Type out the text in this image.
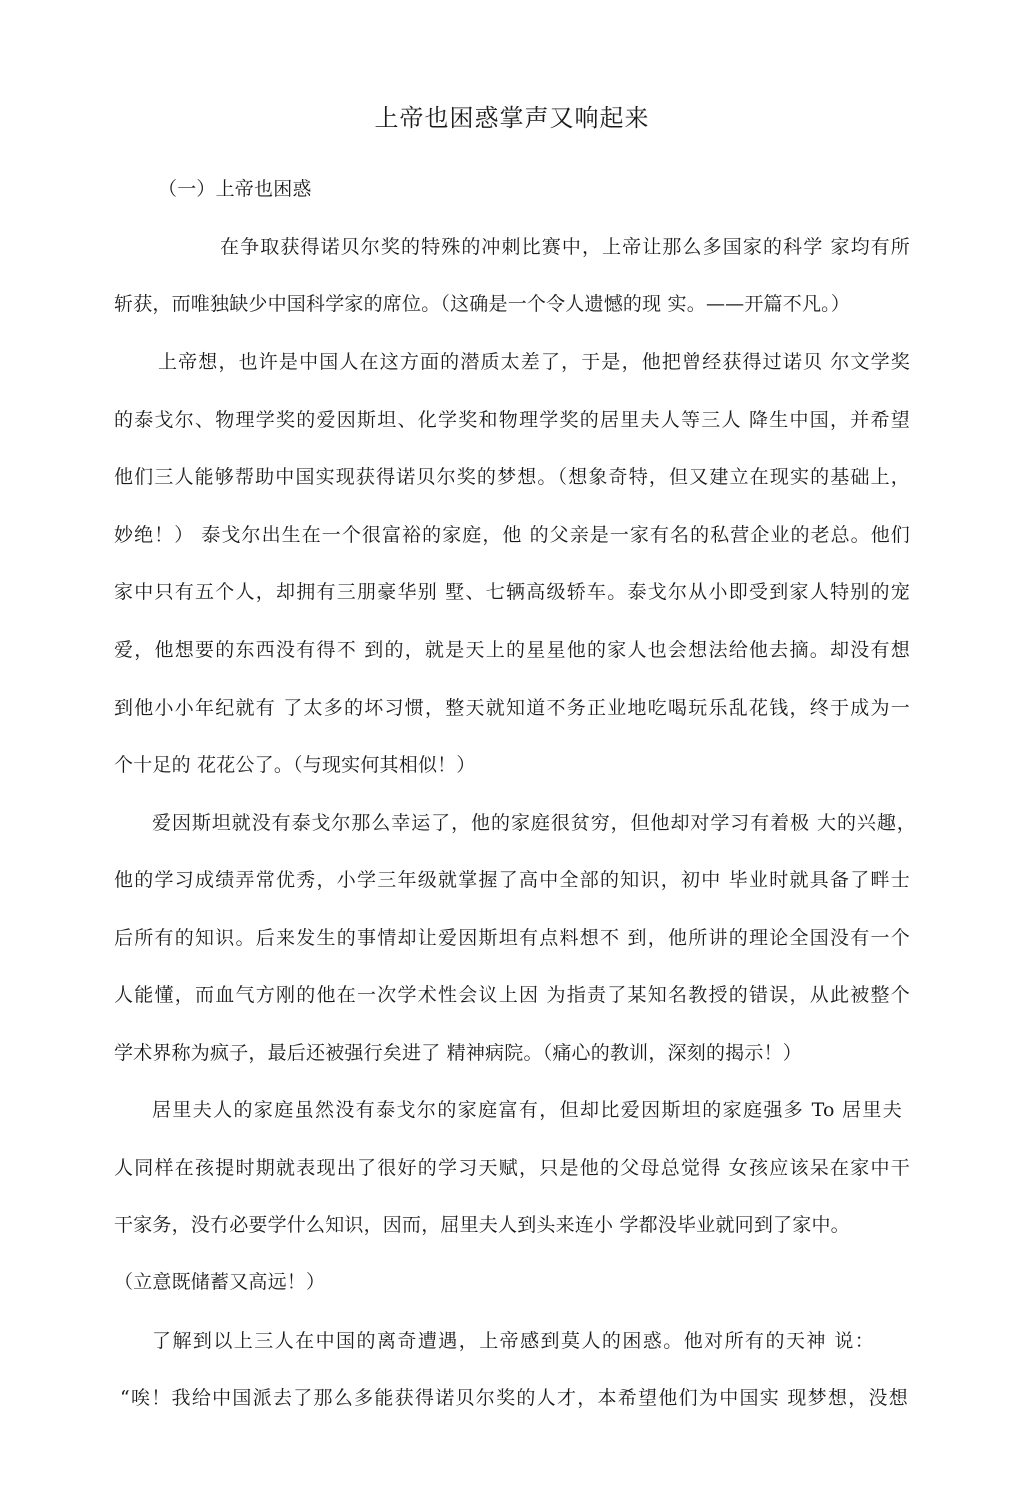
上帝也困惑掌声又响起来
（一）上帝也困惑
在争取获得诺贝尔奖的特殊的冲刺比赛中，上帝让那么多国家的科学 家均有所
斩获，而唯独缺少中国科学家的席位。（这确是一个令人遗憾的现 实。——开篇不凡。）
上帝想，也许是中国人在这方面的潜质太差了，于是，他把曾经获得过诺贝 尔文学奖
的泰戈尔、物理学奖的爱因斯坦、化学奖和物理学奖的居里夫人等三人 降生中国，并希望
他们三人能够帮助中国实现获得诺贝尔奖的梦想。（想象奇特，但又建立在现实的基础上，
妙绝！） 泰戈尔出生在一个很富裕的家庭，他 的父亲是一家有名的私营企业的老总。他们
家中只有五个人，却拥有三朋豪华别 墅、七辆高级轿车。泰戈尔从小即受到家人特别的宠
爱，他想要的东西没有得不 到的，就是天上的星星他的家人也会想法给他去摘。却没有想
到他小小年纪就有 了太多的坏习惯，整天就知道不务正业地吃喝玩乐乱花钱，终于成为一
个十足的 花花公了。（与现实何其相似！）
爱因斯坦就没有泰戈尔那么幸运了，他的家庭很贫穷，但他却对学习有着极 大的兴趣，
他的学习成绩弄常优秀，小学三年级就掌握了高中全部的知识，初中 毕业时就具备了畔士
后所有的知识。后来发生的事情却让爱因斯坦有点料想不 到，他所讲的理论全国没有一个
人能懂，而血气方刚的他在一次学术性会议上因 为指责了某知名教授的错误，从此被整个
学术界称为疯子，最后还被强行矣进了 精神病院。（痛心的教训，深刻的揭示！）
居里夫人的家庭虽然没有泰戈尔的家庭富有，但却比爱因斯坦的家庭强多 To 居里夫
人同样在孩提时期就表现出了很好的学习天赋，只是他的父母总觉得 女孩应该呆在家中干
干家务，没冇必要学什么知识，因而，屈里夫人到头来连小 学都没毕业就冋到了家中。
（立意既储蓄又高远！）
了解到以上三人在中国的离奇遭遇，上帝感到莫人的困惑。他对所有的天神 说：
“唉！我给中国派去了那么多能获得诺贝尔奖的人才，本希望他们为中国实 现梦想，没想
